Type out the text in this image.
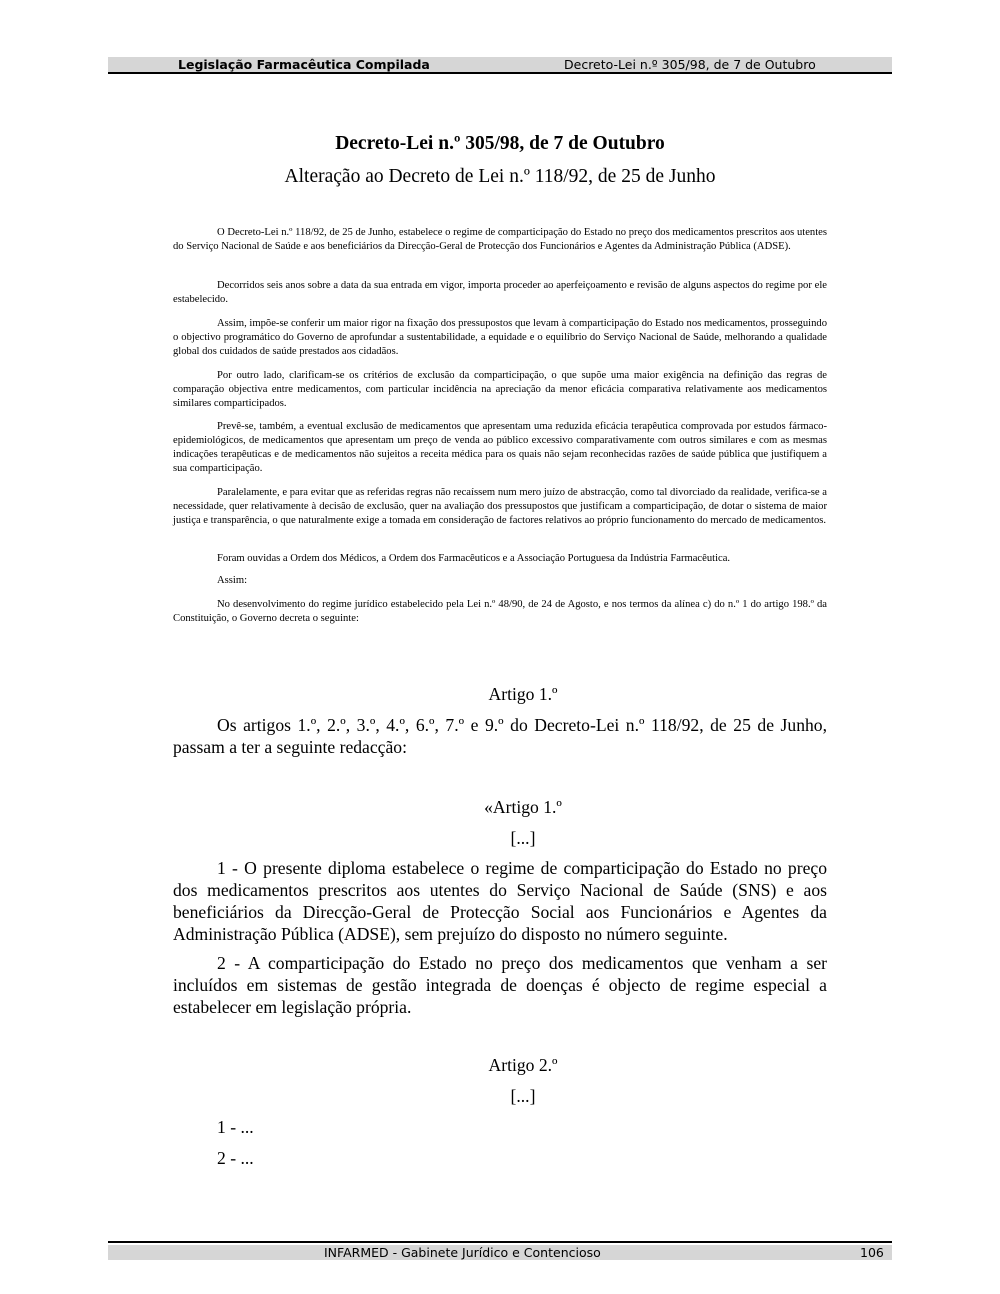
Legislação Farmacêutica Compilada	Decreto-Lei n.º 305/98, de 7 de Outubro
Decreto-Lei n.º 305/98, de 7 de Outubro
Alteração ao Decreto de Lei n.º 118/92, de 25 de Junho

O Decreto-Lei n.º 118/92, de 25 de Junho, estabelece o regime de comparticipação do Estado no preço dos medicamentos prescritos aos utentes do Serviço Nacional de Saúde e aos beneficiários da Direcção-Geral de Protecção dos Funcionários e Agentes da Administração Pública (ADSE).

Decorridos seis anos sobre a data da sua entrada em vigor, importa proceder ao aperfeiçoamento e revisão de alguns aspectos do regime por ele estabelecido.

Assim, impõe-se conferir um maior rigor na fixação dos pressupostos que levam à comparticipação do Estado nos medicamentos, prosseguindo o objectivo programático do Governo de aprofundar a sustentabilidade, a equidade e o equilíbrio do Serviço Nacional de Saúde, melhorando a qualidade global dos cuidados de saúde prestados aos cidadãos.

Por outro lado, clarificam-se os critérios de exclusão da comparticipação, o que supõe uma maior exigência na definição das regras de comparação objectiva entre medicamentos, com particular incidência na apreciação da menor eficácia comparativa relativamente aos medicamentos similares comparticipados.

Prevê-se, também, a eventual exclusão de medicamentos que apresentam uma reduzida eficácia terapêutica comprovada por estudos fármaco-epidemiológicos, de medicamentos que apresentam um preço de venda ao público excessivo comparativamente com outros similares e com as mesmas indicações terapêuticas e de medicamentos não sujeitos a receita médica para os quais não sejam reconhecidas razões de saúde pública que justifiquem a sua comparticipação.

Paralelamente, e para evitar que as referidas regras não recaíssem num mero juízo de abstracção, como tal divorciado da realidade, verifica-se a necessidade, quer relativamente à decisão de exclusão, quer na avaliação dos pressupostos que justificam a comparticipação, de dotar o sistema de maior justiça e transparência, o que naturalmente exige a tomada em consideração de factores relativos ao próprio funcionamento do mercado de medicamentos.

Foram ouvidas a Ordem dos Médicos, a Ordem dos Farmacêuticos e a Associação Portuguesa da Indústria Farmacêutica.

Assim:

No desenvolvimento do regime jurídico estabelecido pela Lei n.º 48/90, de 24 de Agosto, e nos termos da alínea c) do n.º 1 do artigo 198.º da Constituição, o Governo decreta o seguinte:

Artigo 1.º

Os artigos 1.º, 2.º, 3.º, 4.º, 6.º, 7.º e 9.º do Decreto-Lei n.º 118/92, de 25 de Junho, passam a ter a seguinte redacção:

«Artigo 1.º

[...]

1 - O presente diploma estabelece o regime de comparticipação do Estado no preço dos medicamentos prescritos aos utentes do Serviço Nacional de Saúde (SNS) e aos beneficiários da Direcção-Geral de Protecção Social aos Funcionários e Agentes da Administração Pública (ADSE), sem prejuízo do disposto no número seguinte.

2 - A comparticipação do Estado no preço dos medicamentos que venham a ser incluídos em sistemas de gestão integrada de doenças é objecto de regime especial a estabelecer em legislação própria.

Artigo 2.º

[...]

1 - ...

2 - ...

INFARMED - Gabinete Jurídico e Contencioso	106
